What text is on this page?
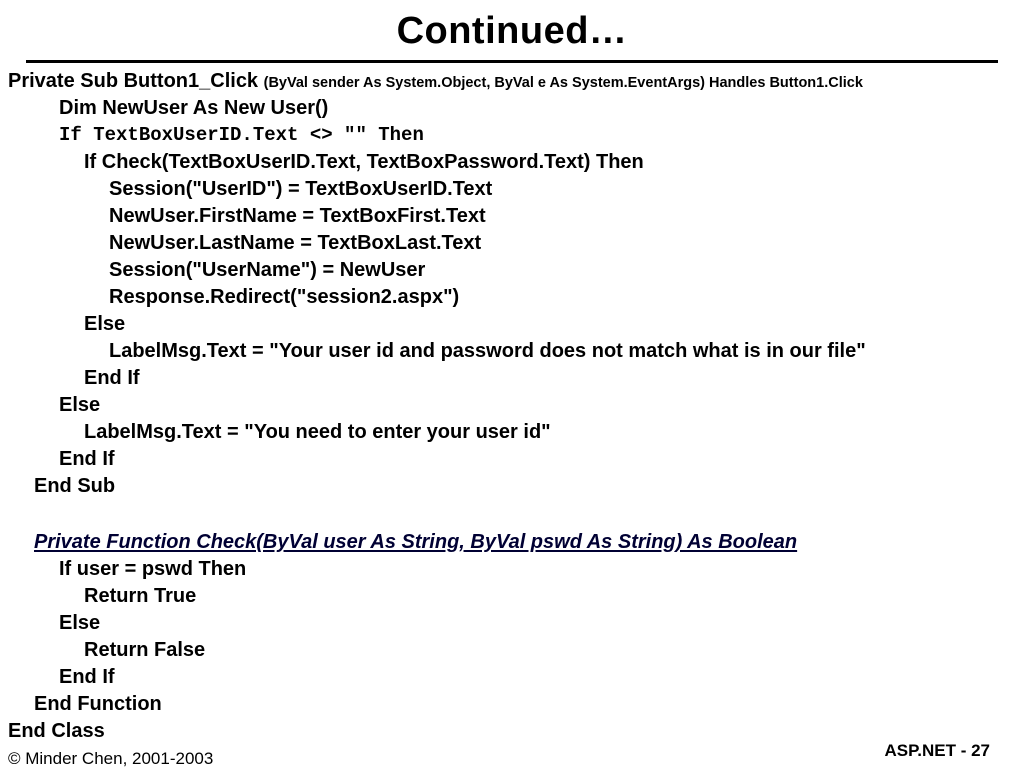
Continued…
Private Sub Button1_Click (ByVal sender As System.Object, ByVal e As System.EventArgs) Handles Button1.Click
Dim NewUser As New User()
If TextBoxUserID.Text <> "" Then
If Check(TextBoxUserID.Text, TextBoxPassword.Text) Then
Session("UserID") = TextBoxUserID.Text
NewUser.FirstName = TextBoxFirst.Text
NewUser.LastName = TextBoxLast.Text
Session("UserName") = NewUser
Response.Redirect("session2.aspx")
Else
LabelMsg.Text = "Your user id and password does not match what is in our file"
End If
Else
LabelMsg.Text = "You need to enter your user id"
End If
End Sub
Private Function Check(ByVal user As String, ByVal pswd As String) As Boolean
If user = pswd Then
Return True
Else
Return False
End If
End Function
End Class
© Minder Chen, 2001-2003	ASP.NET - 27
